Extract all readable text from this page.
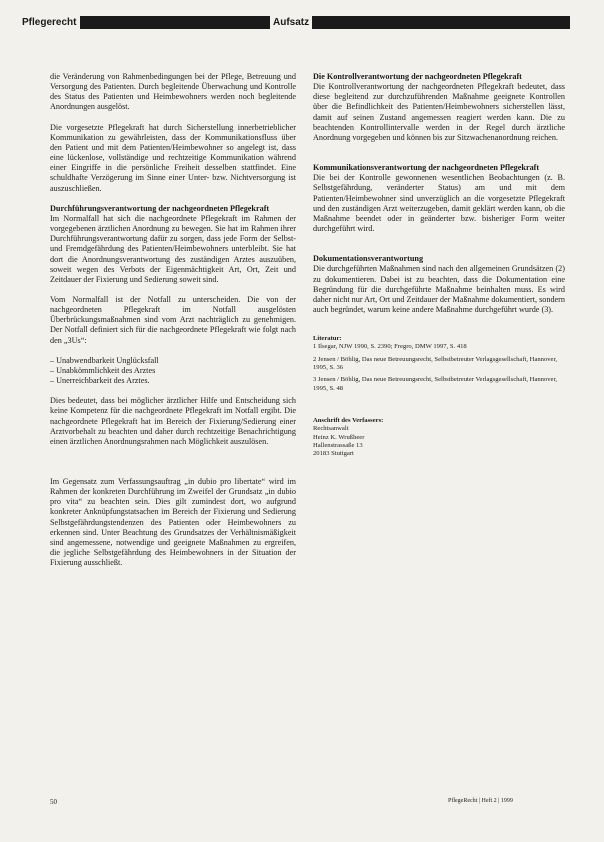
Pflegerecht	Aufsatz

die Veränderung von Rahmenbedingungen bei der Pflege, Betreuung und Versorgung des Patienten. Durch begleitende Überwachung und Kontrolle des Status des Patienten und Heimbewohners werden noch begleitende Anordnungen ausgelöst.

Die vorgesetzte Pflegekraft hat durch Sicherstellung innerbetrieblicher Kommunikation zu gewährleisten, dass der Kommunikationsfluss über den Patient und mit dem Patienten/Heimbewohner so angelegt ist, dass eine lückenlose, vollständige und rechtzeitige Kommunikation während einer Eingriffe in die persönliche Freiheit desselben stattfindet. Eine schuldhafte Verzögerung im Sinne einer Unter- bzw. Nichtversorgung ist auszuschließen.

Durchführungsverantwortung der nachgeordneten Pflegekraft

Im Normalfall hat sich die nachgeordnete Pflegekraft im Rahmen der vorgegebenen ärztlichen Anordnung zu bewegen. Sie hat im Rahmen ihrer Durchführungsverantwortung dafür zu sorgen, dass jede Form der Selbst- und Fremdgefährdung des Patienten/Heimbewohners unterbleibt. Sie hat dort die Anordnungsverantwortung des zuständigen Arztes auszuüben, soweit wegen des Verbots der Eigenmächtigkeit Art, Ort, Zeit und Zeitdauer der Fixierung und Sedierung soweit sind.

Vom Normalfall ist der Notfall zu unterscheiden. Die von der nachgeordneten Pflegekraft im Notfall ausgelösten Überbrückungsmaßnahmen sind vom Arzt nachträglich zu genehmigen. Der Notfall definiert sich für die nachgeordnete Pflegekraft wie folgt nach den „3Us“:

– Unabwendbarkeit Unglücksfall
– Unabkömmlichkeit des Arztes
– Unerreichbarkeit des Arztes.

Dies bedeutet, dass bei möglicher ärztlicher Hilfe und Entscheidung sich keine Kompetenz für die nachgeordnete Pflegekraft im Notfall ergibt. Die nachgeordnete Pflegekraft hat im Bereich der Fixierung/Sedierung einer Arztvorbehalt zu beachten und daher durch rechtzeitige Benachrichtigung einen ärztlichen Anordnungsrahmen nach Möglichkeit auszulösen.

Im Gegensatz zum Verfassungsauftrag „in dubio pro libertate“ wird im Rahmen der konkreten Durchführung im Zweifel der Grundsatz „in dubio pro vita“ zu beachten sein. Dies gilt zumindest dort, wo aufgrund konkreter Anknüpfungstatsachen im Bereich der Fixierung und Sedierung Selbstgefährdungstendenzen des Patienten oder Heimbewohners zu erkennen sind. Unter Beachtung des Grundsatzes der Verhältnismäßigkeit sind angemessene, notwendige und geeignete Maßnahmen zu ergreifen, die jegliche Selbstgefährdung des Heimbewohners in der Situation der Fixierung ausschließt.

Die Kontrollverantwortung der nachgeordneten Pflegekraft

Die Kontrollverantwortung der nachgeordneten Pflegekraft bedeutet, dass diese begleitend zur durchzuführenden Maßnahme geeignete Kontrollen über die Befindlichkeit des Patienten/Heimbewohners sicherstellen lässt, damit auf seinen Zustand angemessen reagiert werden kann. Die zu beachtenden Kontrollintervalle werden in der Regel durch ärztliche Anordnung vorgegeben und können bis zur Sitzwachenanordnung reichen.

Kommunikationsverantwortung der nachgeordneten Pflegekraft

Die bei der Kontrolle gewonnenen wesentlichen Beobachtungen (z. B. Selbstgefährdung, veränderter Status) am und mit dem Patienten/Heimbewohner sind unverzüglich an die vorgesetzte Pflegekraft und den zuständigen Arzt weiterzugeben, damit geklärt werden kann, ob die Maßnahme beendet oder in geänderter bzw. bisheriger Form weiter durchgeführt wird.

Dokumentationsverantwortung

Die durchgeführten Maßnahmen sind nach den allgemeinen Grundsätzen (2) zu dokumentieren. Dabei ist zu beachten, dass die Dokumentation eine Begründung für die durchgeführte Maßnahme beinhalten muss. Es wird daher nicht nur Art, Ort und Zeitdauer der Maßnahme dokumentiert, sondern auch begründet, warum keine andere Maßnahme durchgeführt wurde (3).

Literatur:
1 Ilsegar, NJW 1990, S. 2390; Fregro, DMW 1997, S. 418
2 Jensen / Böhlig, Das neue Betreuungsrecht, Selbstbetreuter Verlagsgesellschaft, Hannover, 1995, S. 36
3 Jensen / Böhlig, Das neue Betreuungsrecht, Selbstbetreuter Verlagsgesellschaft, Hannover, 1995, S. 48
Anschrift des Verfassers:
Rechtsanwalt
Heinz K. Wrußheer
Hallenstrassaße 13
20183 Stuttgart
50	PflegeRecht | Heft 2 | 1999
